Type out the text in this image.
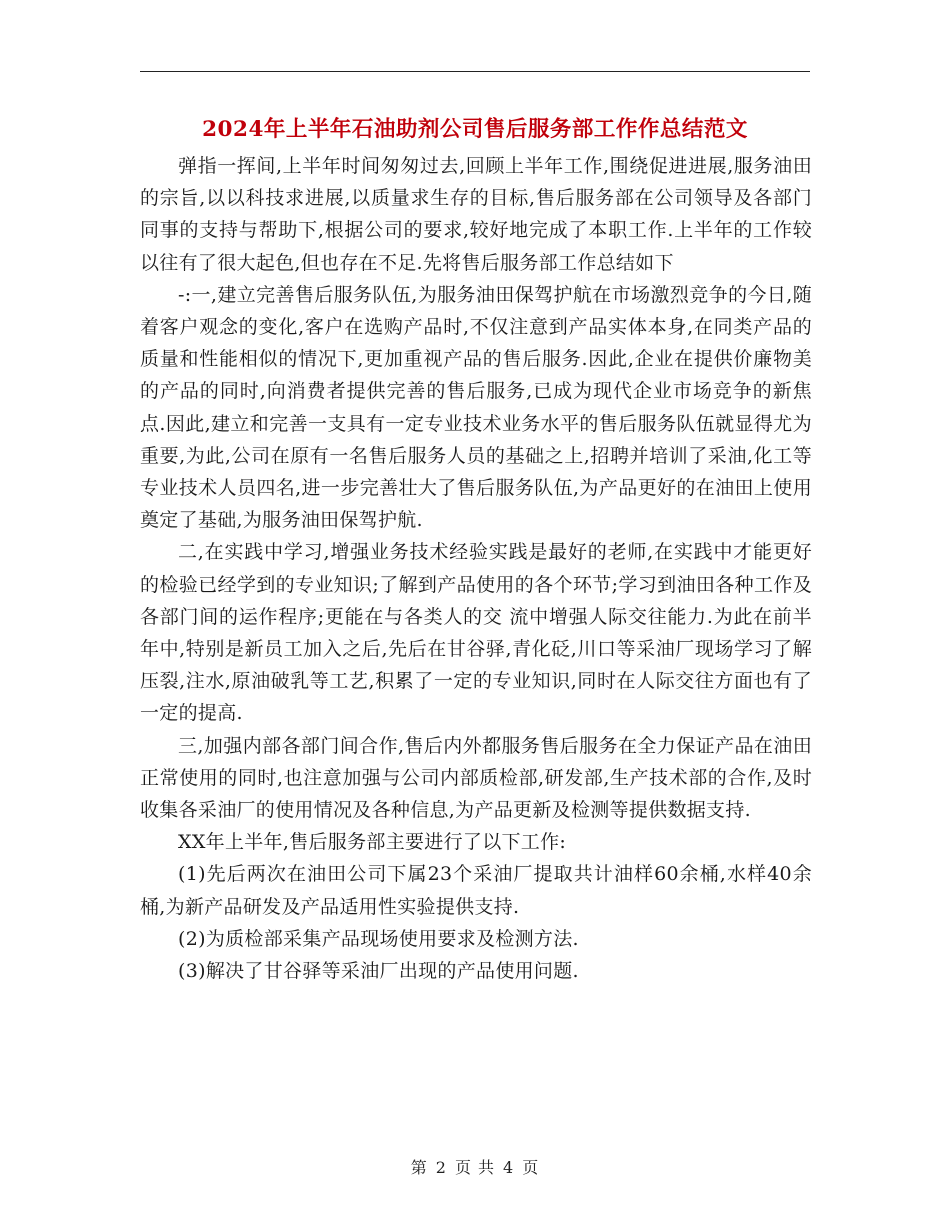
2024年上半年石油助剂公司售后服务部工作作总结范文

弹指一挥间,上半年时间匆匆过去,回顾上半年工作,围绕促进进展,服务油田的宗旨,以以科技求进展,以质量求生存的目标,售后服务部在公司领导及各部门同事的支持与帮助下,根据公司的要求,较好地完成了本职工作.上半年的工作较以往有了很大起色,但也存在不足.先将售后服务部工作总结如下

-:一,建立完善售后服务队伍,为服务油田保驾护航在市场激烈竞争的今日,随着客户观念的变化,客户在选购产品时,不仅注意到产品实体本身,在同类产品的质量和性能相似的情况下,更加重视产品的售后服务.因此,企业在提供价廉物美的产品的同时,向消费者提供完善的售后服务,已成为现代企业市场竞争的新焦点.因此,建立和完善一支具有一定专业技术业务水平的售后服务队伍就显得尤为重要,为此,公司在原有一名售后服务人员的基础之上,招聘并培训了采油,化工等专业技术人员四名,进一步完善壮大了售后服务队伍,为产品更好的在油田上使用奠定了基础,为服务油田保驾护航.

二,在实践中学习,增强业务技术经验实践是最好的老师,在实践中才能更好的检验已经学到的专业知识;了解到产品使用的各个环节;学习到油田各种工作及各部门间的运作程序;更能在与各类人的交 流中增强人际交往能力.为此在前半年中,特别是新员工加入之后,先后在甘谷驿,青化砭,川口等采油厂现场学习了解压裂,注水,原油破乳等工艺,积累了一定的专业知识,同时在人际交往方面也有了一定的提高.

三,加强内部各部门间合作,售后内外都服务售后服务在全力保证产品在油田正常使用的同时,也注意加强与公司内部质检部,研发部,生产技术部的合作,及时收集各采油厂的使用情况及各种信息,为产品更新及检测等提供数据支持.

XX年上半年,售后服务部主要进行了以下工作:

(1)先后两次在油田公司下属23个采油厂提取共计油样60余桶,水样40余桶,为新产品研发及产品适用性实验提供支持.

(2)为质检部采集产品现场使用要求及检测方法.

(3)解决了甘谷驿等采油厂出现的产品使用问题.

第 2 页 共 4 页
